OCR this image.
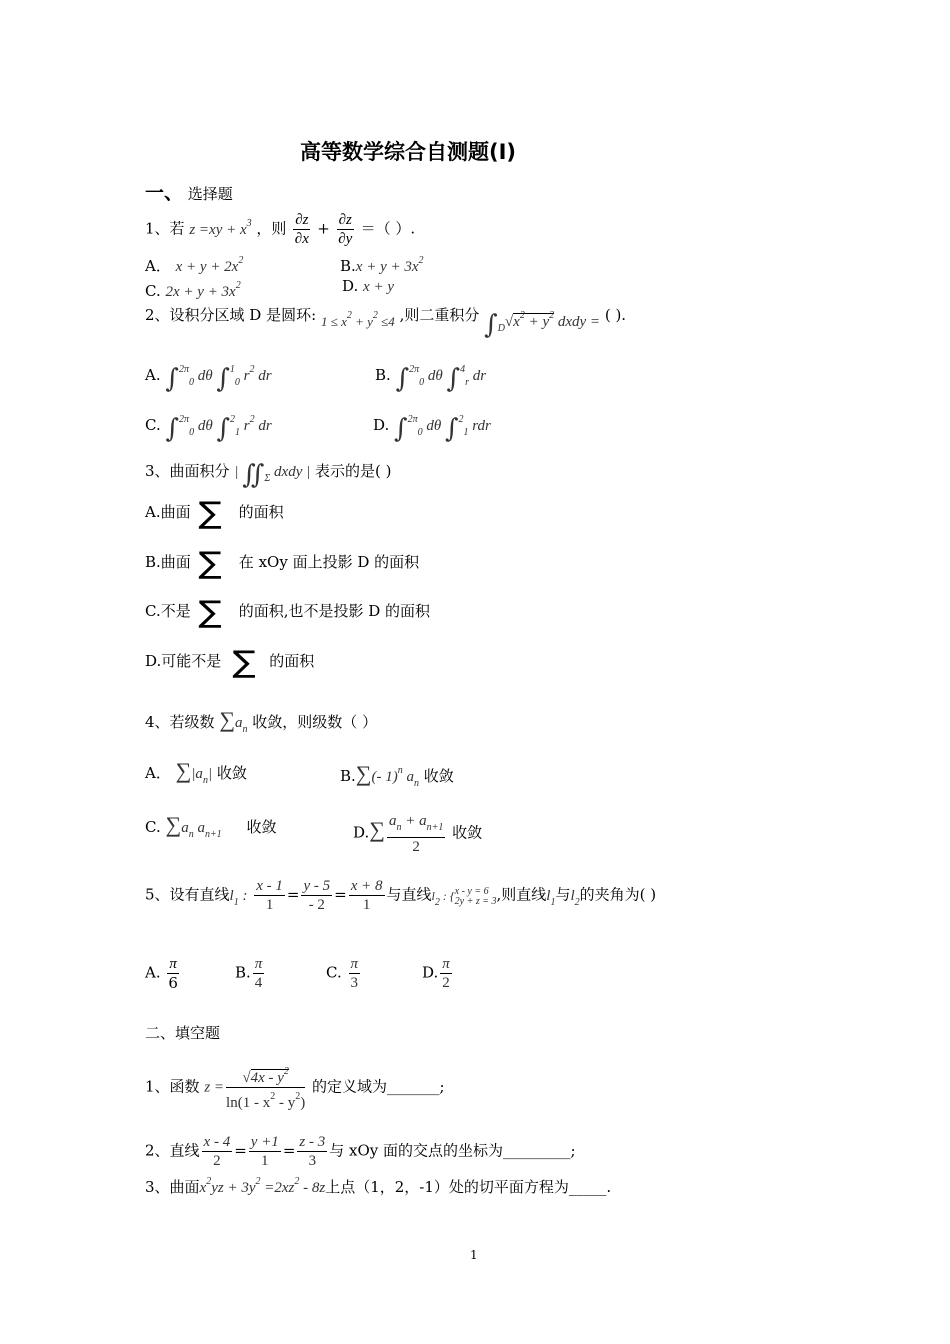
高等数学综合自测题(I)
一、 选择题
1、若 $z =xy + x^3$ ，则 $\frac{\partial z}{\partial x} + \frac{\partial z}{\partial y}$ ＝（ ）.
A． $x + y + 2x^2$	$B.x + y + 3x^2$
C. $2x + y + 3x^2$	D. x + y
2、设积分区域 D 是圆环: $1 \le x^2 + y^2 \le 4$ ,则二重积分 $\int_D√x^2 + y^2$ dxdy = ( ).
A. ∫$^{2\pi}_0$ dθ ∫$^1_0$ $r^2$ dr	B. ∫$^{2\pi}_0$ dθ ∫$^4_r$ dr
C. ∫$^{2\pi}_0$ dθ ∫$^2_1$ $r^2$ dr	D. ∫$^{2\pi}_0$ dθ ∫$^2_1$ rdr
3、曲面积分 | $∬_\Sigma$ dxdy | 表示的是( )
A.曲面	的面积
∑
B.曲面	在 xOy 面上投影 D 的面积
∑
C.不是	的面积,也不是投影 D 的面积
∑
D.可能不是	的面积
∑
4、若级数 $\sum a_n$ 收敛，则级数（ ）
A． $\sum|a_n|$ 收敛	B.∑(- 1)$^n$ $a_n$ 收敛
C. $\sum a_n$ $a_{n+1}$ 收敛	$D.\sum \frac{a_n + a_{n+1}}{2}$ 收敛
5、设有直线$l_1$ : $\frac{x - 1}{1} = \frac{y - 5}{- 2} = \frac{x + 8}{1}$ 与直线$l_2$ : {x - y = 6
2y + z = 3,则直线$l_1$与$l_2$的夹角为( )
A. $\frac{\pi}{6}$	B. $\frac{\pi}{4}$	C. $\frac{\pi}{3}$	D. $\frac{\pi}{2}$
二、填空题
1、函数 $z = \frac{√4x - y^2}{\ln(1 - x^2 - y^2)}$ 的定义域为_______;
2、直线 $\frac{x - 4}{2} = \frac{y +1}{1} = \frac{z - 3}{3}$ 与 xOy 面的交点的坐标为_________;
3、曲面$x^2yz + 3y^2 =2xz^2 - 8z$上点（1，2，-1）处的切平面方程为_____.
1
